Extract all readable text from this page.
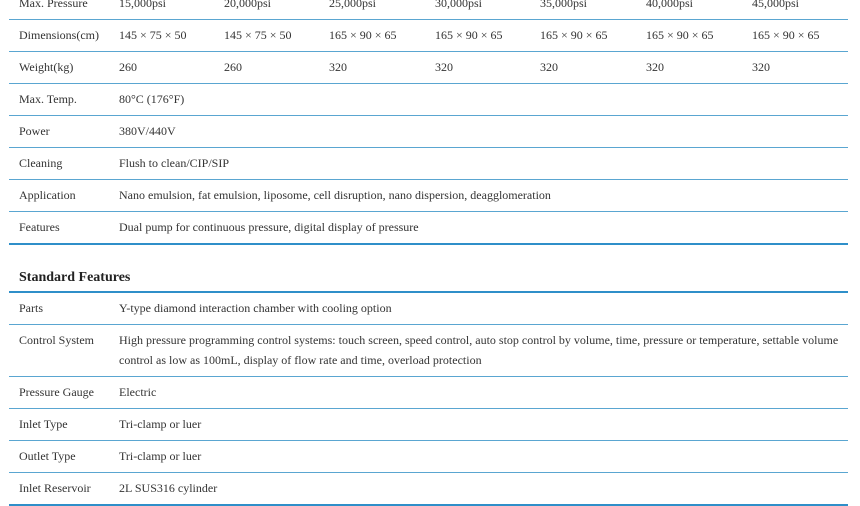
Max. Pressure	15,000psi	20,000psi	25,000psi	30,000psi	35,000psi	40,000psi	45,000psi
Dimensions(cm)	145 × 75 × 50	145 × 75 × 50	165 × 90 × 65	165 × 90 × 65	165 × 90 × 65	165 × 90 × 65	165 × 90 × 65
Weight(kg)	260	260	320	320	320	320	320
Max. Temp.	80°C (176°F)						
Power	380V/440V						
Cleaning	Flush to clean/CIP/SIP						
Application	Nano emulsion, fat emulsion, liposome, cell disruption, nano dispersion, deagglomeration						
Features	Dual pump for continuous pressure, digital display of pressure						
Standard Features
Parts	Y-type diamond interaction chamber with cooling option
Control System	High pressure programming control systems: touch screen, speed control, auto stop control by volume, time, pressure or temperature, settable volume control as low as 100mL, display of flow rate and time, overload protection
Pressure Gauge	Electric
Inlet Type	Tri-clamp or luer
Outlet Type	Tri-clamp or luer
Inlet Reservoir	2L SUS316 cylinder
